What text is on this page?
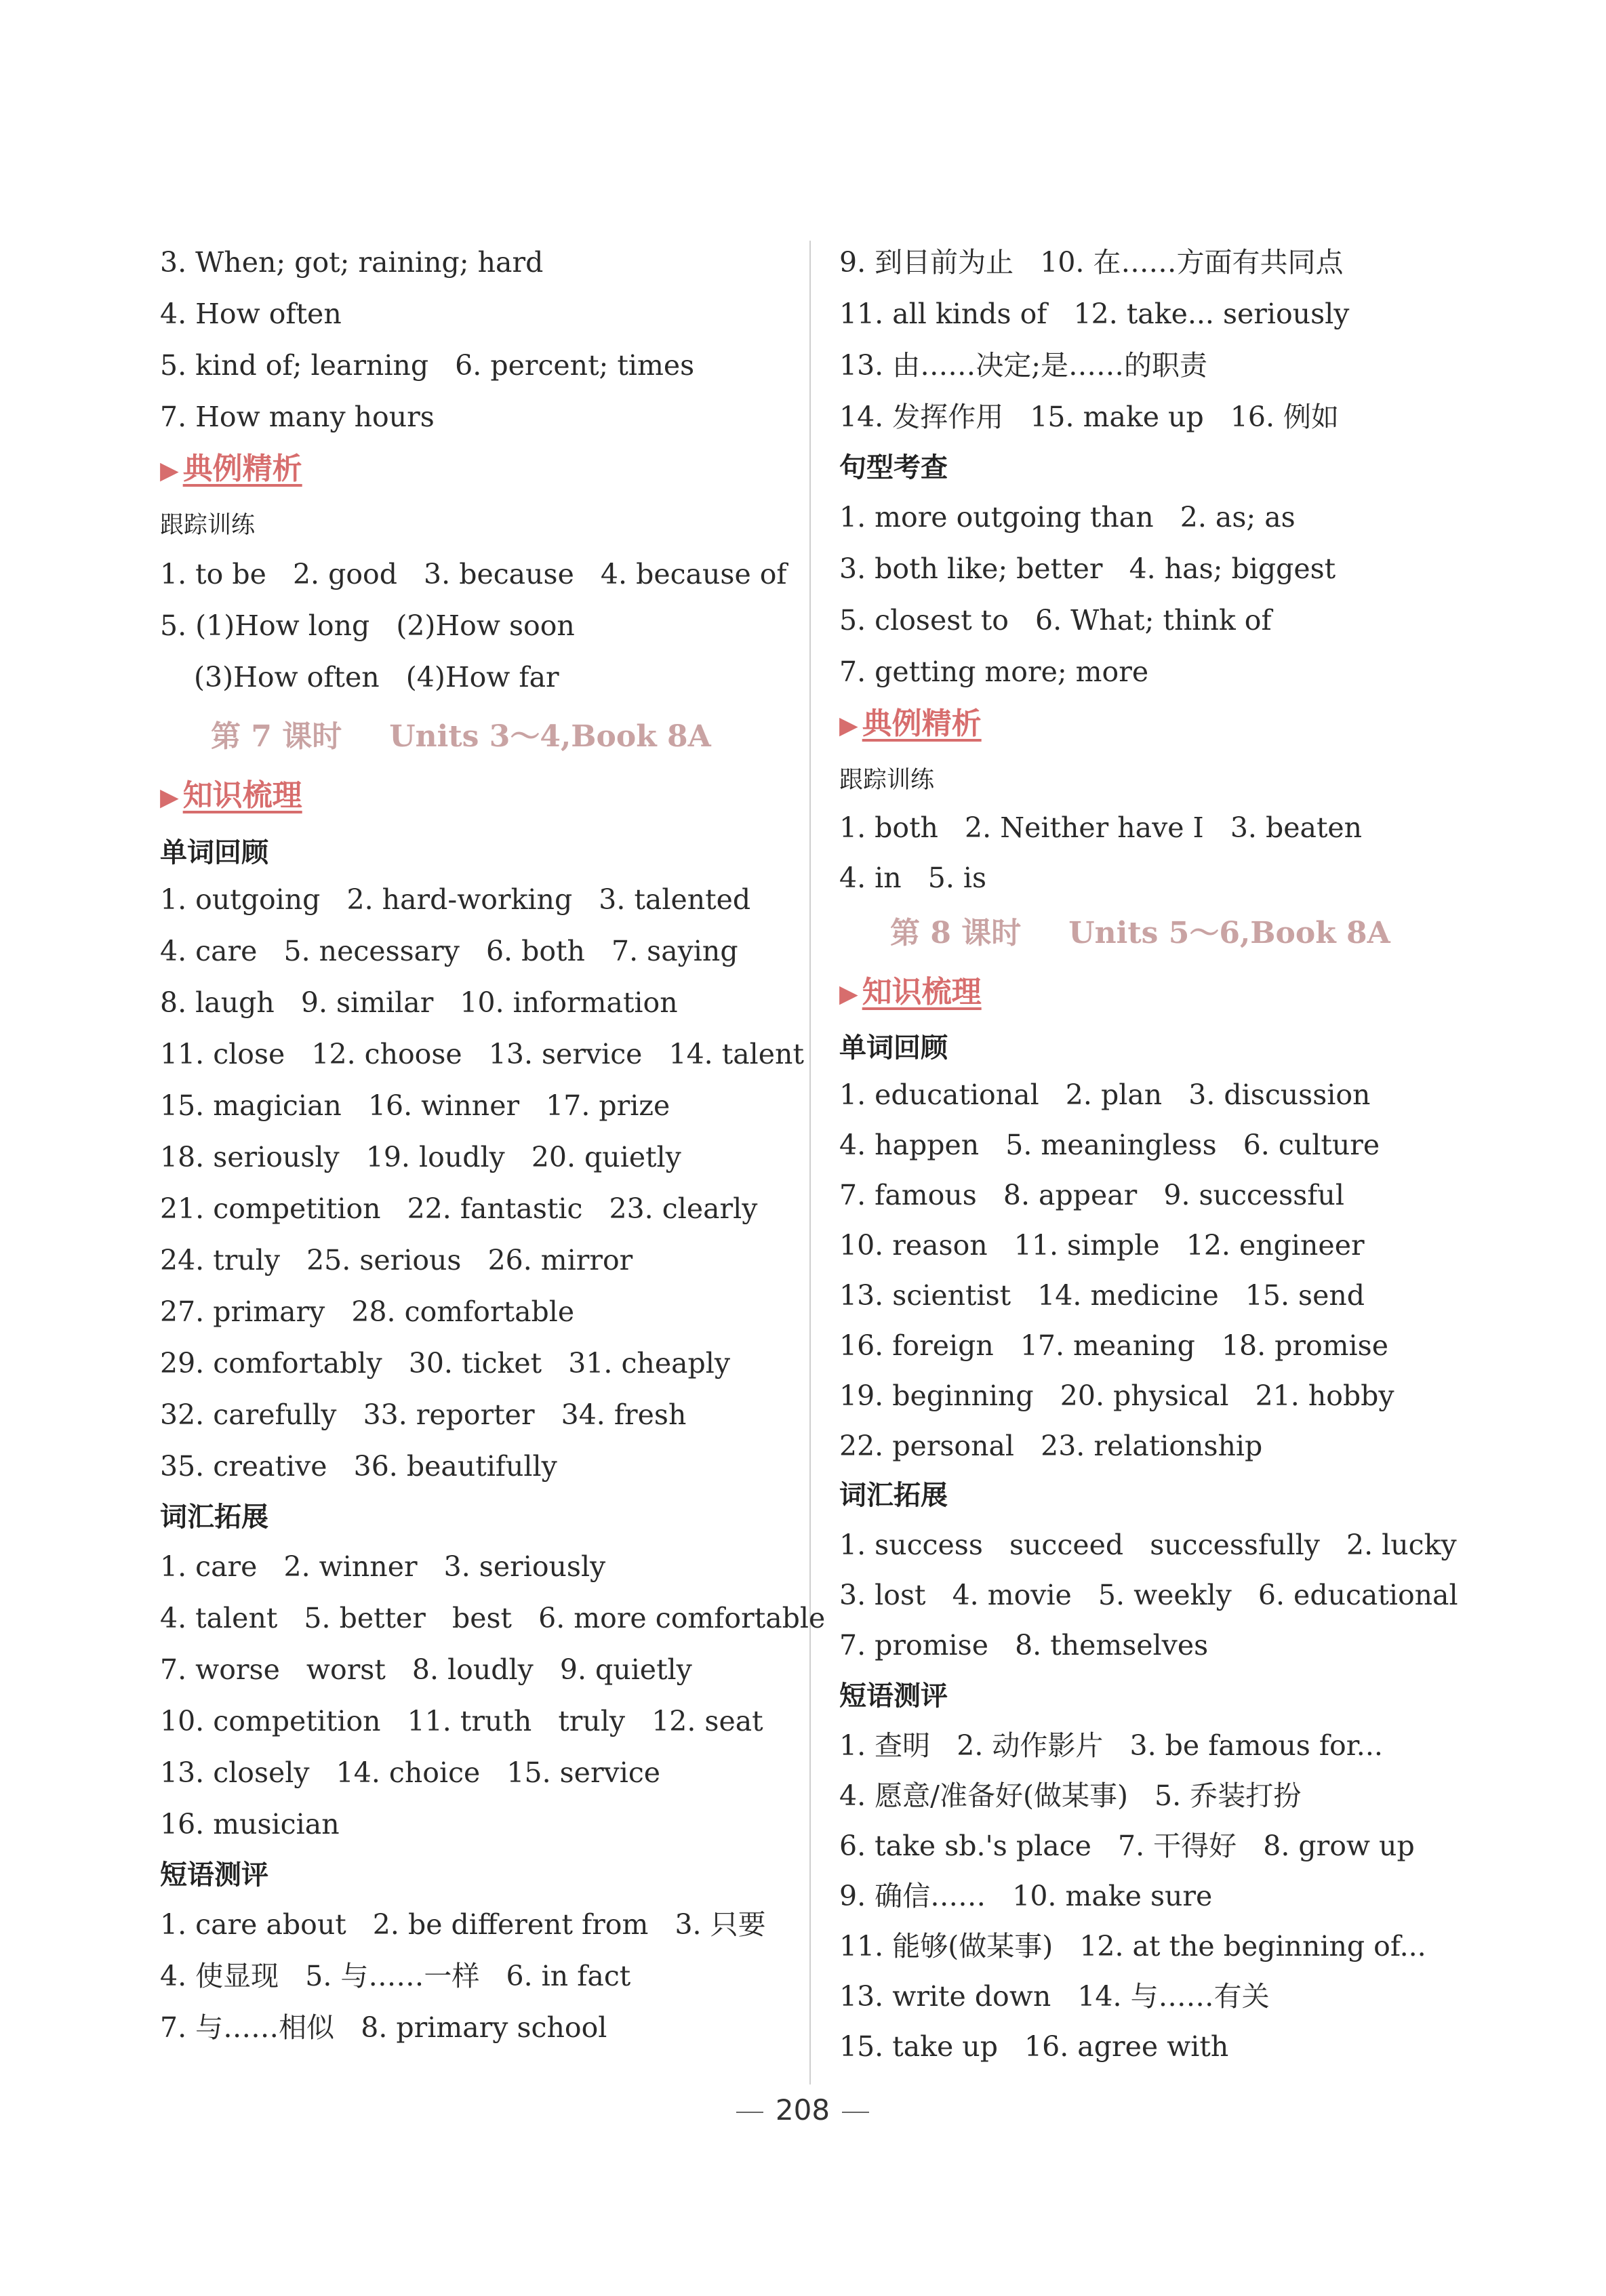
3. When; got; raining; hard
4. How often
5. kind of; learning   6. percent; times
7. How many hours
▶ 典例精析
跟踪训练
1. to be   2. good   3. because   4. because of
5. (1)How long   (2)How soon
(3)How often   (4)How far
第 7 课时 Units 3～4,Book 8A
▶ 知识梳理
单词回顾
1. outgoing   2. hard-working   3. talented
4. care   5. necessary   6. both   7. saying
8. laugh   9. similar   10. information
11. close   12. choose   13. service   14. talent
15. magician   16. winner   17. prize
18. seriously   19. loudly   20. quietly
21. competition   22. fantastic   23. clearly
24. truly   25. serious   26. mirror
27. primary   28. comfortable
29. comfortably   30. ticket   31. cheaply
32. carefully   33. reporter   34. fresh
35. creative   36. beautifully
词汇拓展
1. care   2. winner   3. seriously
4. talent   5. better   best   6. more comfortable
7. worse   worst   8. loudly   9. quietly
10. competition   11. truth   truly   12. seat
13. closely   14. choice   15. service
16. musician
短语测评
1. care about   2. be different from   3. 只要
4. 使显现   5. 与……一样   6. in fact
7. 与……相似   8. primary school
9. 到目前为止   10. 在……方面有共同点
11. all kinds of   12. take... seriously
13. 由……决定;是……的职责
14. 发挥作用   15. make up   16. 例如
句型考查
1. more outgoing than   2. as; as
3. both like; better   4. has; biggest
5. closest to   6. What; think of
7. getting more; more
▶ 典例精析
跟踪训练
1. both   2. Neither have I   3. beaten
4. in   5. is
第 8 课时 Units 5～6,Book 8A
▶ 知识梳理
单词回顾
1. educational   2. plan   3. discussion
4. happen   5. meaningless   6. culture
7. famous   8. appear   9. successful
10. reason   11. simple   12. engineer
13. scientist   14. medicine   15. send
16. foreign   17. meaning   18. promise
19. beginning   20. physical   21. hobby
22. personal   23. relationship
词汇拓展
1. success   succeed   successfully   2. lucky
3. lost   4. movie   5. weekly   6. educational
7. promise   8. themselves
短语测评
1. 查明   2. 动作影片   3. be famous for...
4. 愿意/准备好(做某事)   5. 乔装打扮
6. take sb.'s place   7. 干得好   8. grow up
9. 确信……   10. make sure
11. 能够(做某事)   12. at the beginning of...
13. write down   14. 与……有关
15. take up   16. agree with
208
